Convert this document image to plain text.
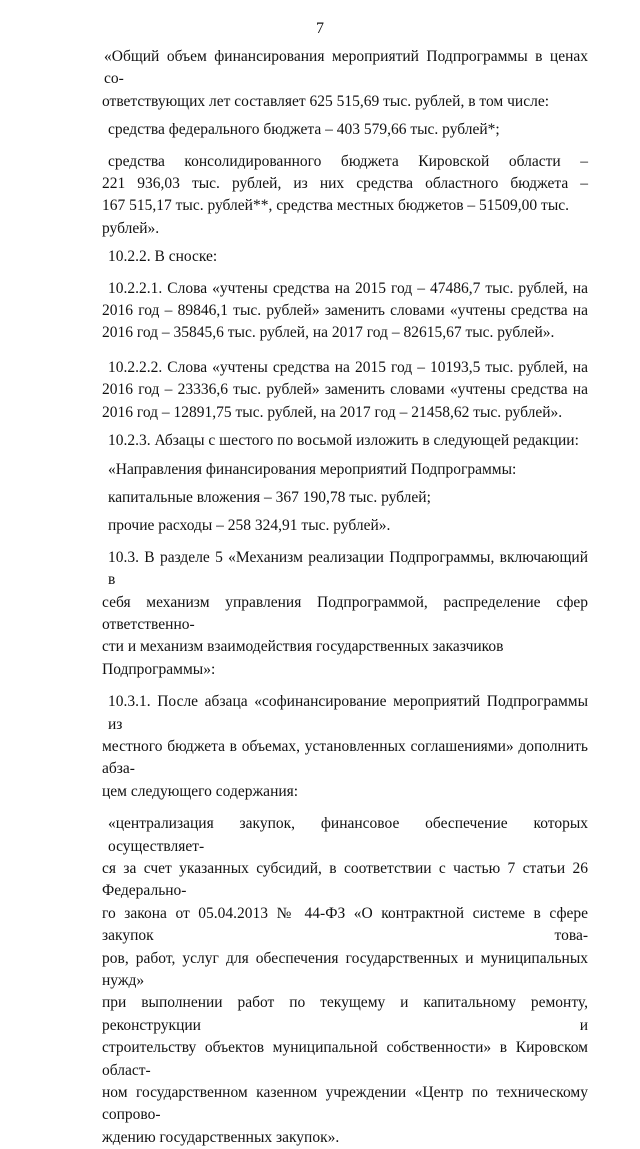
7
«Общий объем финансирования мероприятий Подпрограммы в ценах со-
ответствующих лет составляет 625 515,69 тыс. рублей, в том числе:
средства федерального бюджета – 403 579,66 тыс. рублей*;
средства консолидированного бюджета Кировской области –
221 936,03 тыс. рублей, из них средства областного бюджета –
167 515,17 тыс. рублей**, средства местных бюджетов – 51509,00 тыс. рублей».
10.2.2. В сноске:
10.2.2.1. Слова «учтены средства на 2015 год – 47486,7 тыс. рублей, на
2016 год – 89846,1 тыс. рублей» заменить словами «учтены средства на
2016 год – 35845,6 тыс. рублей, на 2017 год – 82615,67 тыс. рублей».
10.2.2.2. Слова «учтены средства на 2015 год – 10193,5 тыс. рублей, на
2016 год – 23336,6 тыс. рублей» заменить словами «учтены средства на
2016 год – 12891,75 тыс. рублей, на 2017 год – 21458,62 тыс. рублей».
10.2.3. Абзацы с шестого по восьмой изложить в следующей редакции:
«Направления финансирования мероприятий Подпрограммы:
капитальные вложения – 367 190,78 тыс. рублей;
прочие расходы – 258 324,91 тыс. рублей».
10.3. В разделе 5 «Механизм реализации Подпрограммы, включающий в
себя механизм управления Подпрограммой, распределение сфер ответственно-
сти и механизм взаимодействия государственных заказчиков Подпрограммы»:
10.3.1. После абзаца «софинансирование мероприятий Подпрограммы из
местного бюджета в объемах, установленных соглашениями» дополнить абза-
цем следующего содержания:
«централизация закупок, финансовое обеспечение которых осуществляет-
ся за счет указанных субсидий, в соответствии с частью 7 статьи 26 Федерально-
го закона от 05.04.2013 № 44-ФЗ «О контрактной системе в сфере закупок това-
ров, работ, услуг для обеспечения государственных и муниципальных нужд»
при выполнении работ по текущему и капитальному ремонту, реконструкции и
строительству объектов муниципальной собственности» в Кировском област-
ном государственном казенном учреждении «Центр по техническому сопрово-
ждению государственных закупок».
